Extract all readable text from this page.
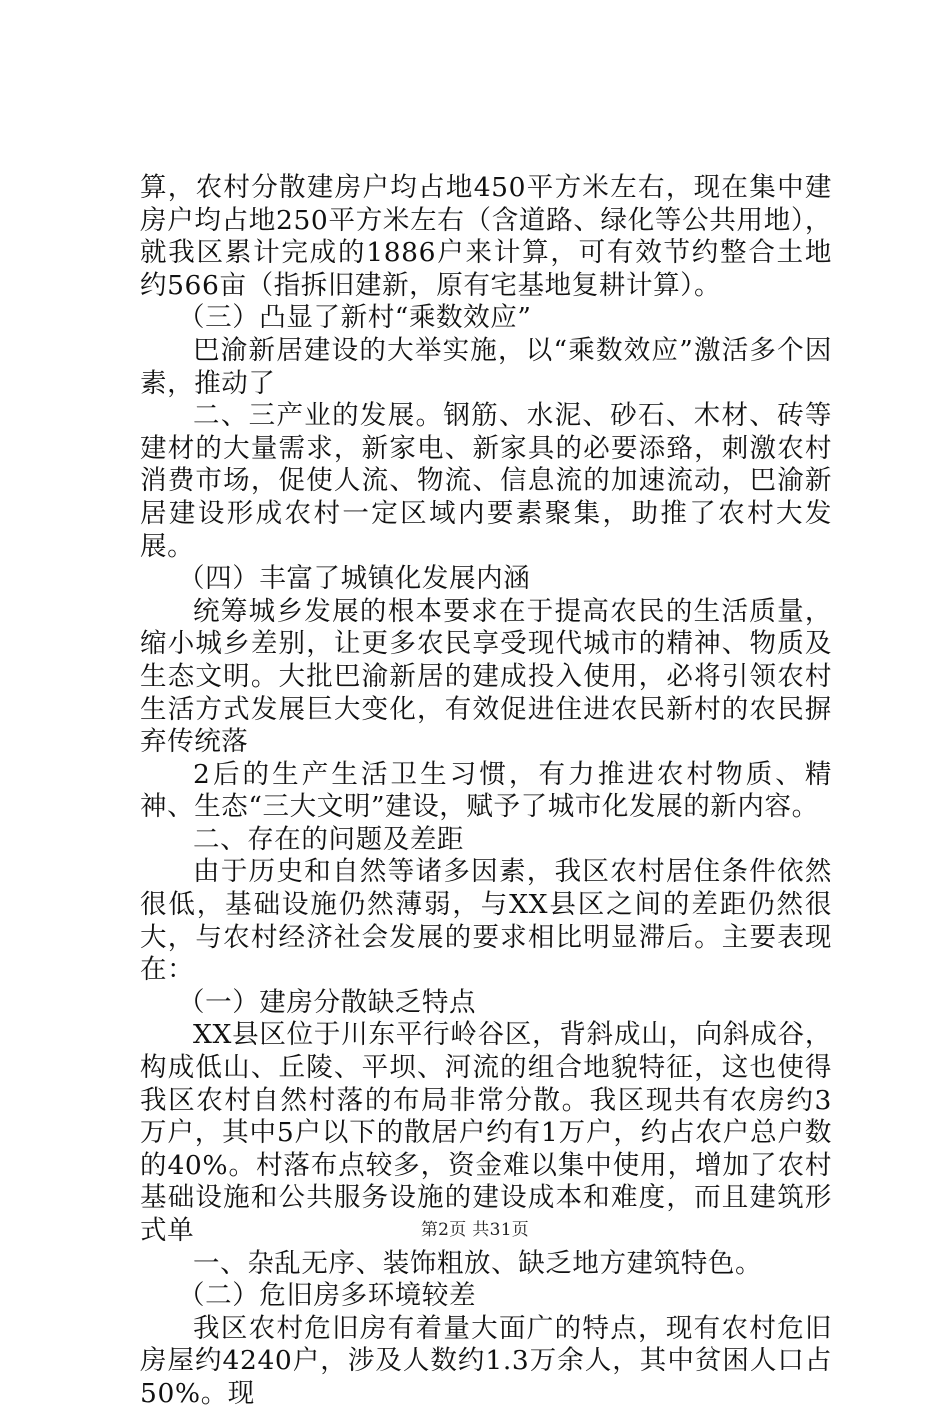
算，农村分散建房户均占地450平方米左右，现在集中建房户均占地250平方米左右（含道路、绿化等公共用地），就我区累计完成的1886户来计算，可有效节约整合土地约566亩（指拆旧建新，原有宅基地复耕计算）。

（三）凸显了新村“乘数效应”

巴渝新居建设的大举实施，以“乘数效应”激活多个因素，推动了

二、三产业的发展。钢筋、水泥、砂石、木材、砖等建材的大量需求，新家电、新家具的必要添臵，刺激农村消费市场，促使人流、物流、信息流的加速流动，巴渝新居建设形成农村一定区域内要素聚集，助推了农村大发展。

（四）丰富了城镇化发展内涵

统筹城乡发展的根本要求在于提高农民的生活质量，缩小城乡差别，让更多农民享受现代城市的精神、物质及生态文明。大批巴渝新居的建成投入使用，必将引领农村生活方式发展巨大变化，有效促进住进农民新村的农民摒弃传统落

2后的生产生活卫生习惯，有力推进农村物质、精神、生态“三大文明”建设，赋予了城市化发展的新内容。

二、存在的问题及差距

由于历史和自然等诸多因素，我区农村居住条件依然很低，基础设施仍然薄弱，与XX县区之间的差距仍然很大，与农村经济社会发展的要求相比明显滞后。主要表现在：

（一）建房分散缺乏特点

XX县区位于川东平行岭谷区，背斜成山，向斜成谷，构成低山、丘陵、平坝、河流的组合地貌特征，这也使得我区农村自然村落的布局非常分散。我区现共有农房约3万户，其中5户以下的散居户约有1万户，约占农户总户数的40%。村落布点较多，资金难以集中使用，增加了农村基础设施和公共服务设施的建设成本和难度，而且建筑形式单

一、杂乱无序、装饰粗放、缺乏地方建筑特色。

（二）危旧房多环境较差

我区农村危旧房有着量大面广的特点，现有农村危旧房屋约4240户，涉及人数约1.3万余人，其中贫困人口占50%。现

第2页 共31页
